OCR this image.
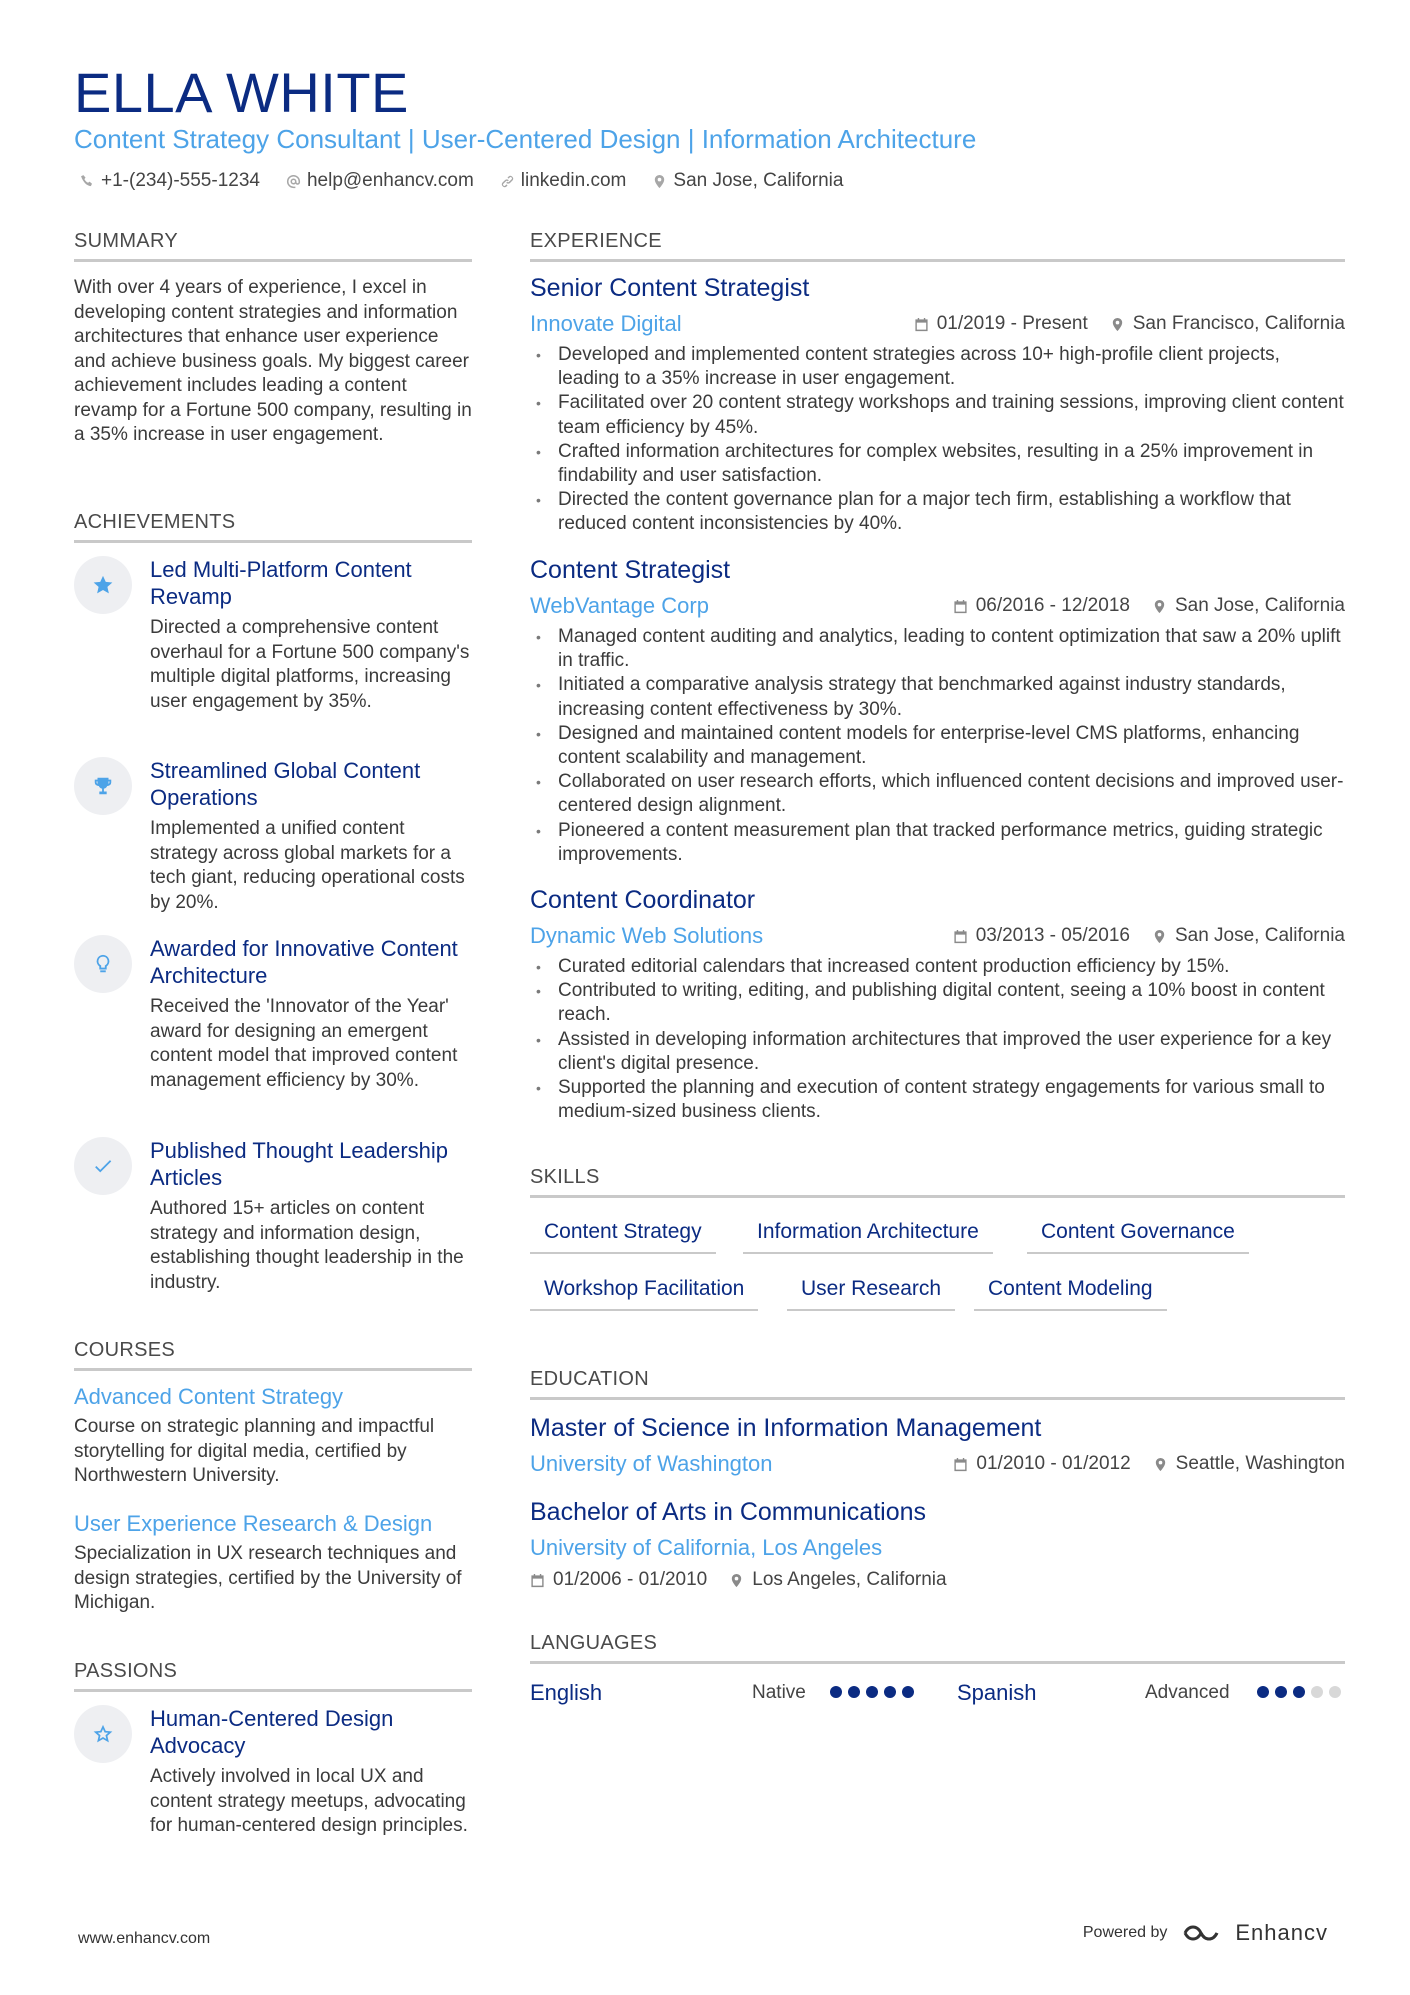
ELLA WHITE
Content Strategy Consultant | User-Centered Design | Information Architecture
+1-(234)-555-1234 help@enhancv.com linkedin.com San Jose, California
SUMMARY
With over 4 years of experience, I excel in developing content strategies and information architectures that enhance user experience and achieve business goals. My biggest career achievement includes leading a content revamp for a Fortune 500 company, resulting in a 35% increase in user engagement.
ACHIEVEMENTS
Led Multi-Platform Content Revamp
Directed a comprehensive content overhaul for a Fortune 500 company's multiple digital platforms, increasing user engagement by 35%.
Streamlined Global Content Operations
Implemented a unified content strategy across global markets for a tech giant, reducing operational costs by 20%.
Awarded for Innovative Content Architecture
Received the 'Innovator of the Year' award for designing an emergent content model that improved content management efficiency by 30%.
Published Thought Leadership Articles
Authored 15+ articles on content strategy and information design, establishing thought leadership in the industry.
COURSES
Advanced Content Strategy
Course on strategic planning and impactful storytelling for digital media, certified by Northwestern University.
User Experience Research & Design
Specialization in UX research techniques and design strategies, certified by the University of Michigan.
PASSIONS
Human-Centered Design Advocacy
Actively involved in local UX and content strategy meetups, advocating for human-centered design principles.
EXPERIENCE
Senior Content Strategist
Innovate Digital	01/2019 - Present San Francisco, California
• Developed and implemented content strategies across 10+ high-profile client projects, leading to a 35% increase in user engagement.
• Facilitated over 20 content strategy workshops and training sessions, improving client content team efficiency by 45%.
• Crafted information architectures for complex websites, resulting in a 25% improvement in findability and user satisfaction.
• Directed the content governance plan for a major tech firm, establishing a workflow that reduced content inconsistencies by 40%.
Content Strategist
WebVantage Corp	06/2016 - 12/2018 San Jose, California
• Managed content auditing and analytics, leading to content optimization that saw a 20% uplift in traffic.
• Initiated a comparative analysis strategy that benchmarked against industry standards, increasing content effectiveness by 30%.
• Designed and maintained content models for enterprise-level CMS platforms, enhancing content scalability and management.
• Collaborated on user research efforts, which influenced content decisions and improved user-centered design alignment.
• Pioneered a content measurement plan that tracked performance metrics, guiding strategic improvements.
Content Coordinator
Dynamic Web Solutions	03/2013 - 05/2016 San Jose, California
• Curated editorial calendars that increased content production efficiency by 15%.
• Contributed to writing, editing, and publishing digital content, seeing a 10% boost in content reach.
• Assisted in developing information architectures that improved the user experience for a key client's digital presence.
• Supported the planning and execution of content strategy engagements for various small to medium-sized business clients.
SKILLS
Content Strategy	Information Architecture	Content Governance
Workshop Facilitation	User Research	Content Modeling
EDUCATION
Master of Science in Information Management
University of Washington	01/2010 - 01/2012 Seattle, Washington
Bachelor of Arts in Communications
University of California, Los Angeles
01/2006 - 01/2010 Los Angeles, California
LANGUAGES
English	Native	Spanish	Advanced
www.enhancv.com	Powered by	Enhancv
